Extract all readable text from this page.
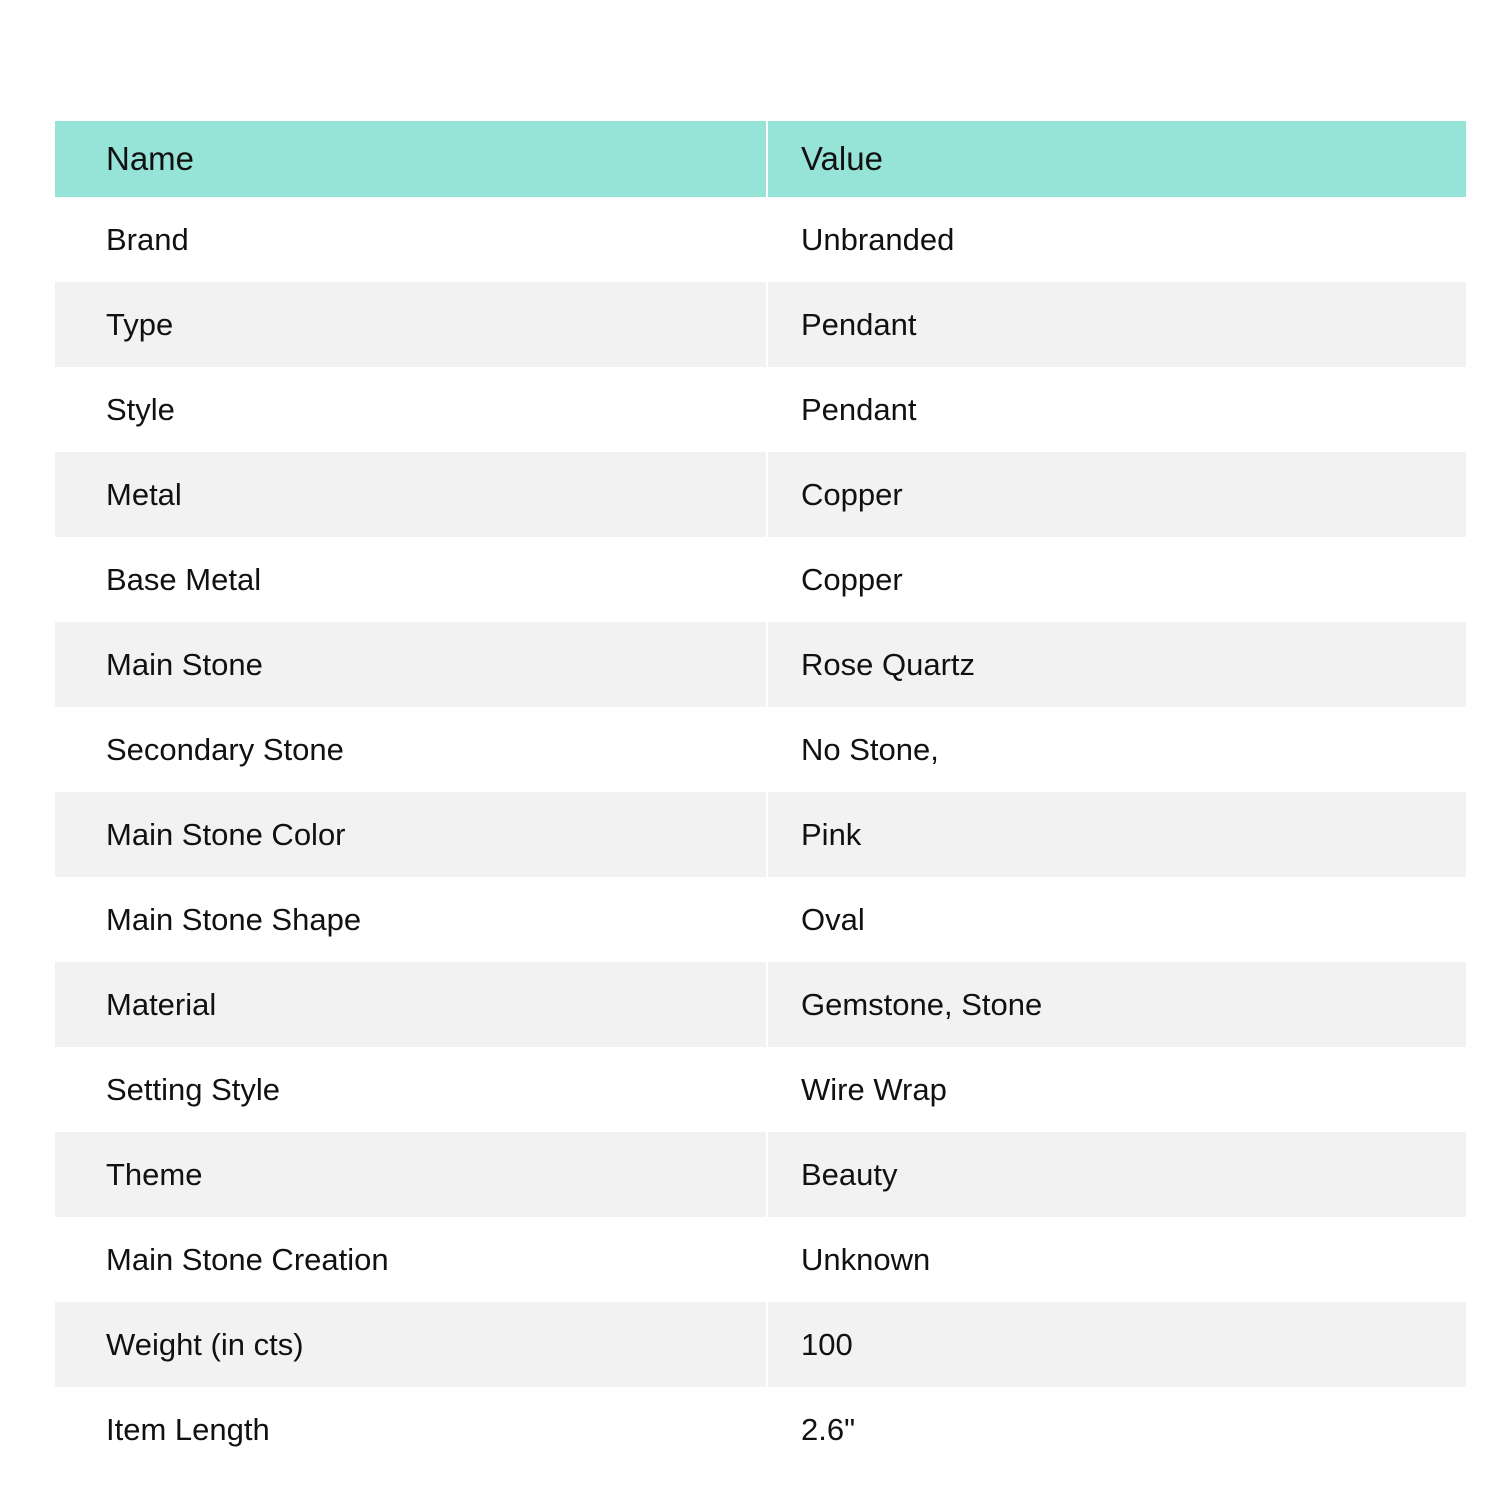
Name	Value
Brand	Unbranded
Type	Pendant
Style	Pendant
Metal	Copper
Base Metal	Copper
Main Stone	Rose Quartz
Secondary Stone	No Stone,
Main Stone Color	Pink
Main Stone Shape	Oval
Material	Gemstone, Stone
Setting Style	Wire Wrap
Theme	Beauty
Main Stone Creation	Unknown
Weight (in cts)	100
Item Length	2.6"
